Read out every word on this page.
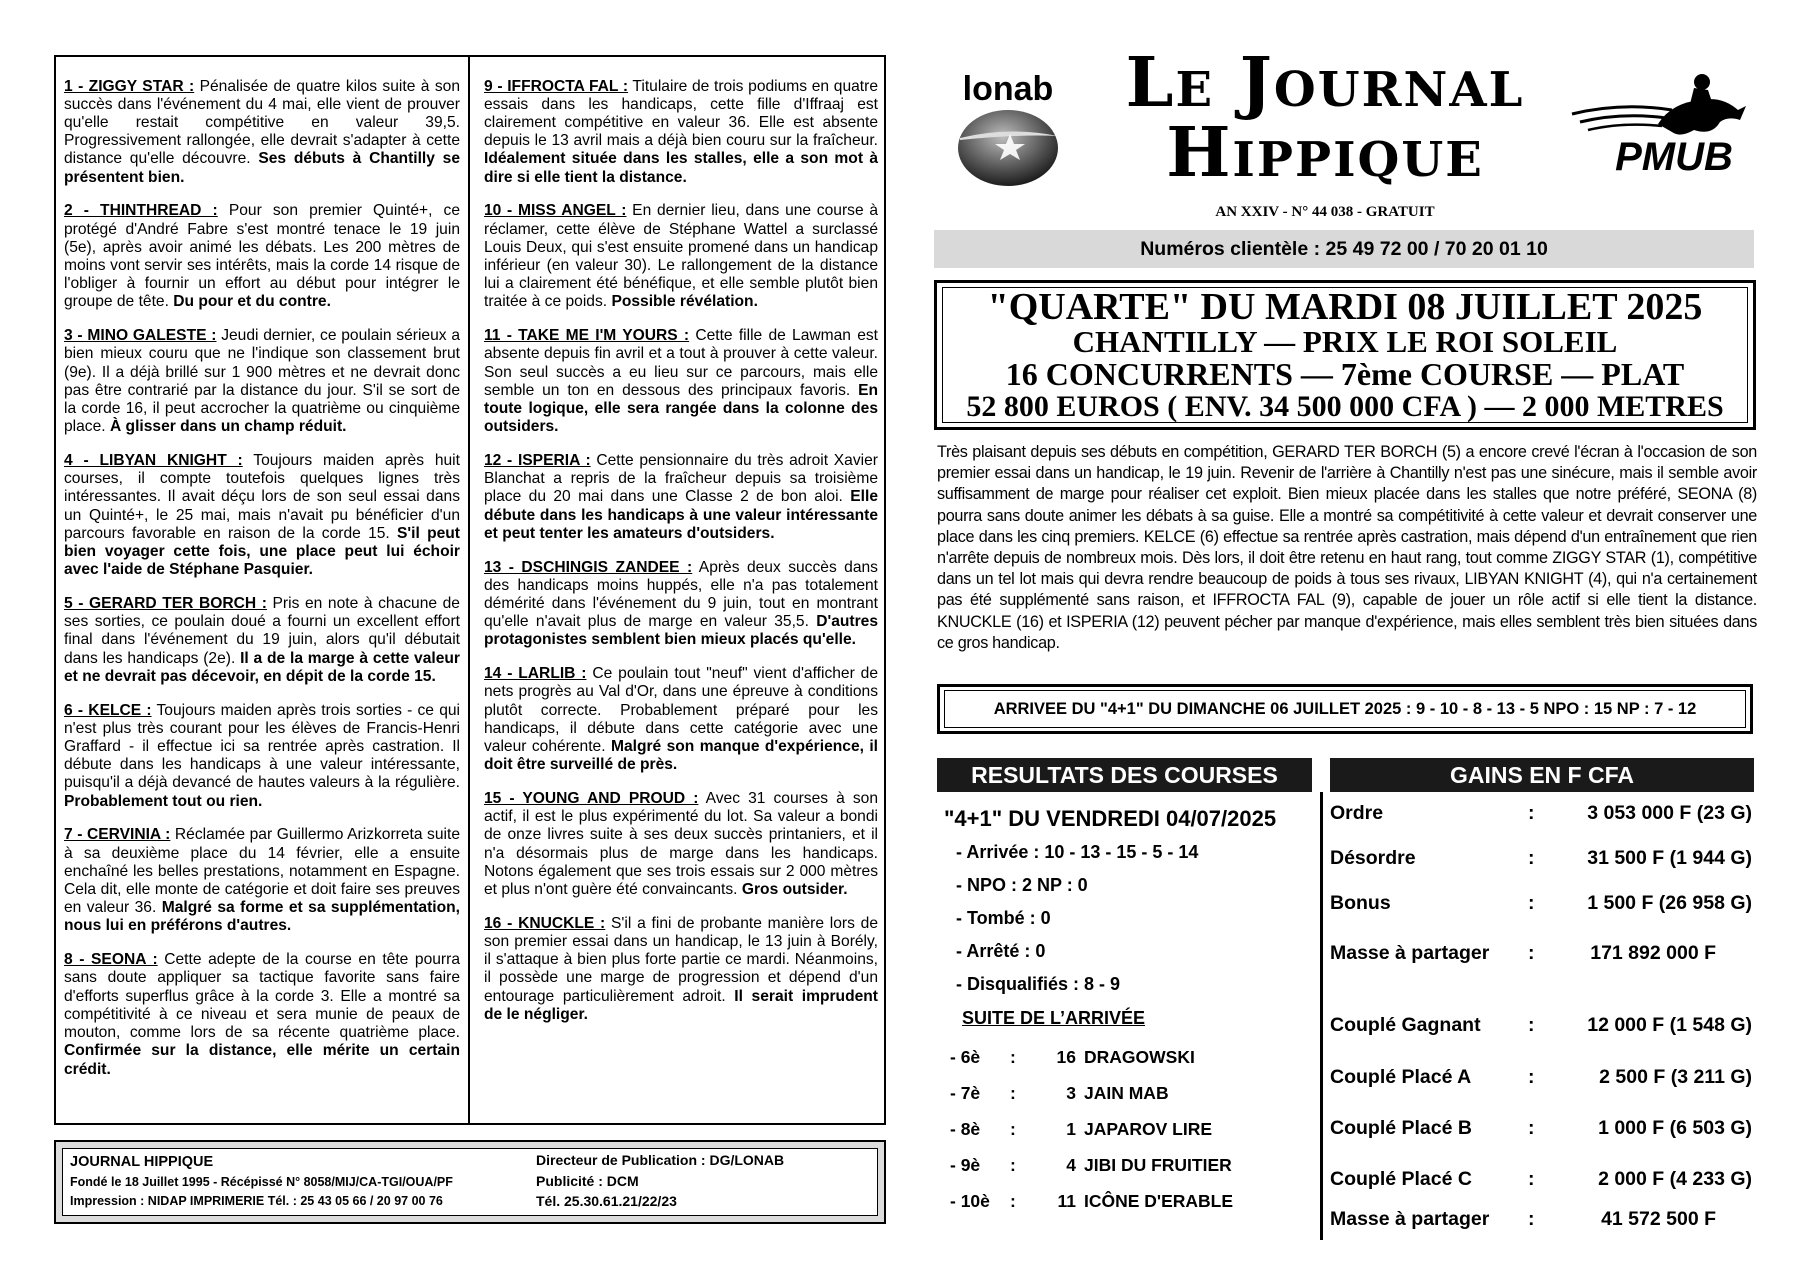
1 - ZIGGY STAR : Pénalisée de quatre kilos suite à son succès dans l'événement du 4 mai, elle vient de prouver qu'elle restait compétitive en valeur 39,5. Progressivement rallongée, elle devrait s'adapter à cette distance qu'elle découvre. Ses débuts à Chantilly se présentent bien.

2 - THINTHREAD : Pour son premier Quinté+, ce protégé d'André Fabre s'est montré tenace le 19 juin (5e), après avoir animé les débats. Les 200 mètres de moins vont servir ses intérêts, mais la corde 14 risque de l'obliger à fournir un effort au début pour intégrer le groupe de tête. Du pour et du contre.

3 - MINO GALESTE : Jeudi dernier, ce poulain sérieux a bien mieux couru que ne l'indique son classement brut (9e). Il a déjà brillé sur 1 900 mètres et ne devrait donc pas être contrarié par la distance du jour. S'il se sort de la corde 16, il peut accrocher la quatrième ou cinquième place. À glisser dans un champ réduit.

4 - LIBYAN KNIGHT : Toujours maiden après huit courses, il compte toutefois quelques lignes très intéressantes. Il avait déçu lors de son seul essai dans un Quinté+, le 25 mai, mais n'avait pu bénéficier d'un parcours favorable en raison de la corde 15. S'il peut bien voyager cette fois, une place peut lui échoir avec l'aide de Stéphane Pasquier.

5 - GERARD TER BORCH : Pris en note à chacune de ses sorties, ce poulain doué a fourni un excellent effort final dans l'événement du 19 juin, alors qu'il débutait dans les handicaps (2e). Il a de la marge à cette valeur et ne devrait pas décevoir, en dépit de la corde 15.

6 - KELCE : Toujours maiden après trois sorties - ce qui n'est plus très courant pour les élèves de Francis-Henri Graffard - il effectue ici sa rentrée après castration. Il débute dans les handicaps à une valeur intéressante, puisqu'il a déjà devancé de hautes valeurs à la régulière. Probablement tout ou rien.

7 - CERVINIA : Réclamée par Guillermo Arizkorreta suite à sa deuxième place du 14 février, elle a ensuite enchaîné les belles prestations, notamment en Espagne. Cela dit, elle monte de catégorie et doit faire ses preuves en valeur 36. Malgré sa forme et sa supplémentation, nous lui en préférons d'autres.

8 - SEONA : Cette adepte de la course en tête pourra sans doute appliquer sa tactique favorite sans faire d'efforts superflus grâce à la corde 3. Elle a montré sa compétitivité à ce niveau et sera munie de peaux de mouton, comme lors de sa récente quatrième place. Confirmée sur la distance, elle mérite un certain crédit.

9 - IFFROCTA FAL : Titulaire de trois podiums en quatre essais dans les handicaps, cette fille d'Iffraaj est clairement compétitive en valeur 36. Elle est absente depuis le 13 avril mais a déjà bien couru sur la fraîcheur. Idéalement située dans les stalles, elle a son mot à dire si elle tient la distance.

10 - MISS ANGEL : En dernier lieu, dans une course à réclamer, cette élève de Stéphane Wattel a surclassé Louis Deux, qui s'est ensuite promené dans un handicap inférieur (en valeur 30). Le rallongement de la distance lui a clairement été bénéfique, et elle semble plutôt bien traitée à ce poids. Possible révélation.

11 - TAKE ME I'M YOURS : Cette fille de Lawman est absente depuis fin avril et a tout à prouver à cette valeur. Son seul succès a eu lieu sur ce parcours, mais elle semble un ton en dessous des principaux favoris. En toute logique, elle sera rangée dans la colonne des outsiders.

12 - ISPERIA : Cette pensionnaire du très adroit Xavier Blanchat a repris de la fraîcheur depuis sa troisième place du 20 mai dans une Classe 2 de bon aloi. Elle débute dans les handicaps à une valeur intéressante et peut tenter les amateurs d'outsiders.

13 - DSCHINGIS ZANDEE : Après deux succès dans des handicaps moins huppés, elle n'a pas totalement démérité dans l'événement du 9 juin, tout en montrant qu'elle n'avait plus de marge en valeur 35,5. D'autres protagonistes semblent bien mieux placés qu'elle.

14 - LARLIB : Ce poulain tout "neuf" vient d'afficher de nets progrès au Val d'Or, dans une épreuve à conditions plutôt correcte. Probablement préparé pour les handicaps, il débute dans cette catégorie avec une valeur cohérente. Malgré son manque d'expérience, il doit être surveillé de près.

15 - YOUNG AND PROUD : Avec 31 courses à son actif, il est le plus expérimenté du lot. Sa valeur a bondi de onze livres suite à ses deux succès printaniers, et il n'a désormais plus de marge dans les handicaps. Notons également que ses trois essais sur 2 000 mètres et plus n'ont guère été convaincants. Gros outsider.

16 - KNUCKLE : S'il a fini de probante manière lors de son premier essai dans un handicap, le 13 juin à Borély, il s'attaque à bien plus forte partie ce mardi. Néanmoins, il possède une marge de progression et dépend d'un entourage particulièrement adroit. Il serait imprudent de le négliger.

JOURNAL HIPPIQUE
Fondé le 18 Juillet 1995 - Récépissé N° 8058/MIJ/CA-TGI/OUA/PF
Impression : NIDAP IMPRIMERIE Tél. : 25 43 05 66 / 20 97 00 76
Directeur de Publication : DG/LONAB
Publicité : DCM
Tél. 25.30.61.21/22/23
lonab	Le Journal
Hippique	PMUB
AN XXIV - N° 44 038 - GRATUIT
Numéros clientèle : 25 49 72 00 / 70 20 01 10
"QUARTE" DU MARDI 08 JUILLET 2025
CHANTILLY — PRIX LE ROI SOLEIL
16 CONCURRENTS — 7ème COURSE — PLAT
52 800 EUROS ( ENV. 34 500 000 CFA ) — 2 000 METRES
Très plaisant depuis ses débuts en compétition, GERARD TER BORCH (5) a encore crevé l'écran à l'occasion de son premier essai dans un handicap, le 19 juin. Revenir de l'arrière à Chantilly n'est pas une sinécure, mais il semble avoir suffisamment de marge pour réaliser cet exploit. Bien mieux placée dans les stalles que notre préféré, SEONA (8) pourra sans doute animer les débats à sa guise. Elle a montré sa compétitivité à cette valeur et devrait conserver une place dans les cinq premiers. KELCE (6) effectue sa rentrée après castration, mais dépend d'un entraînement que rien n'arrête depuis de nombreux mois. Dès lors, il doit être retenu en haut rang, tout comme ZIGGY STAR (1), compétitive dans un tel lot mais qui devra rendre beaucoup de poids à tous ses rivaux, LIBYAN KNIGHT (4), qui n'a certainement pas été supplémenté sans raison, et IFFROCTA FAL (9), capable de jouer un rôle actif si elle tient la distance. KNUCKLE (16) et ISPERIA (12) peuvent pécher par manque d'expérience, mais elles semblent très bien situées dans ce gros handicap.
ARRIVEE DU "4+1" DU DIMANCHE 06 JUILLET 2025 : 9 - 10 - 8 - 13 - 5 NPO : 15 NP : 7 - 12
RESULTATS DES COURSES	GAINS EN F CFA
"4+1" DU VENDREDI 04/07/2025
- Arrivée : 10 - 13 - 15 - 5 - 14
- NPO : 2 NP : 0
- Tombé : 0
- Arrêté : 0
- Disqualifiés : 8 - 9
SUITE DE L’ARRIVÉE
- 6è :	16 DRAGOWSKI
- 7è :	3 JAIN MAB
- 8è :	1 JAPAROV LIRE
- 9è :	4 JIBI DU FRUITIER
- 10è :	11 ICÔNE D'ERABLE
Ordre	:	3 053 000 F (23 G)
Désordre	:	31 500 F (1 944 G)
Bonus	:	1 500 F (26 958 G)
Masse à partager :	171 892 000 F
Couplé Gagnant :	12 000 F (1 548 G)
Couplé Placé A	:	2 500 F (3 211 G)
Couplé Placé B	:	1 000 F (6 503 G)
Couplé Placé C	:	2 000 F (4 233 G)
Masse à partager :	41 572 500 F
